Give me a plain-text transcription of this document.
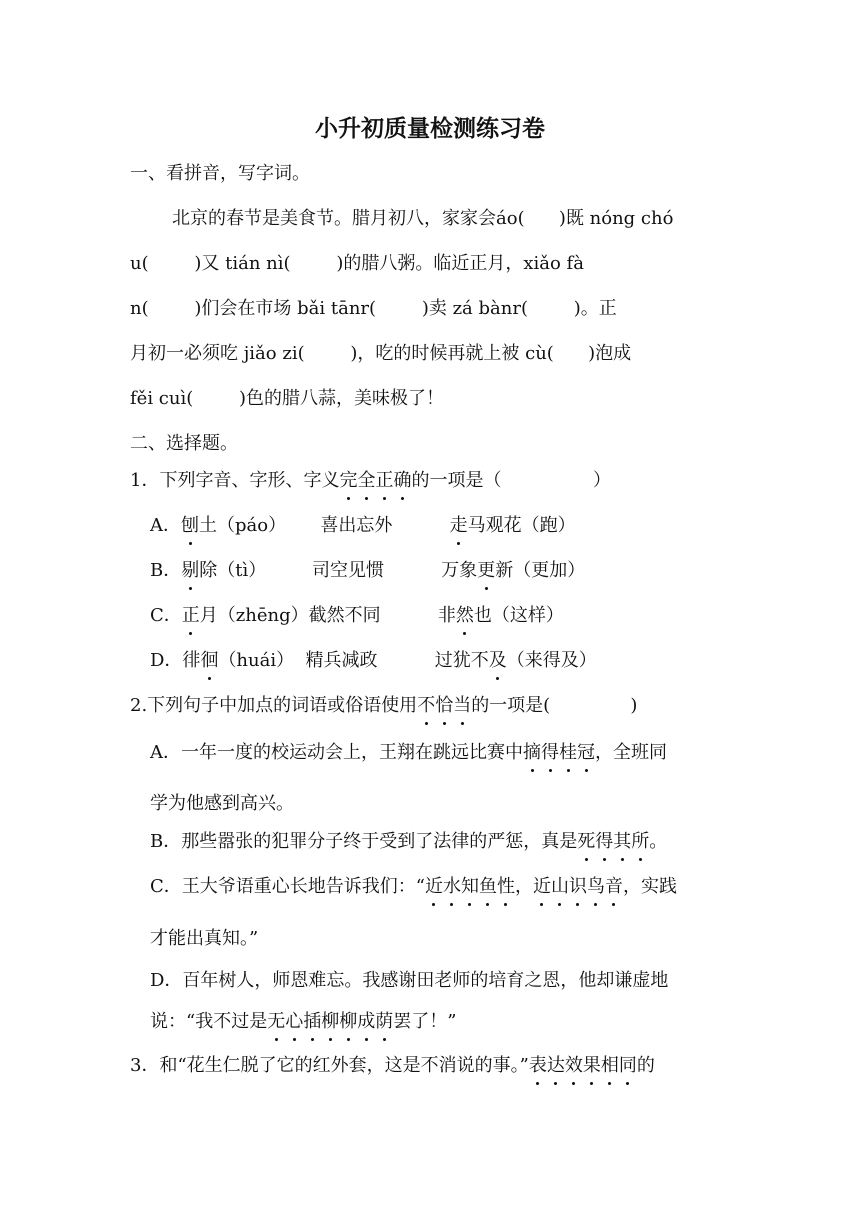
小升初质量检测练习卷
一、看拼音，写字词。
北京的春节是美食节。腊月初八，家家会áo(      )既 nóng chó
u(        )又 tián nì(        )的腊八粥。临近正月，xiǎo fà
n(        )们会在市场 bǎi tānr(        )卖 zá bànr(        )。正
月初一必须吃 jiǎo zi(        )，吃的时候再就上被 cù(      )泡成
fěi cuì(        )色的腊八蒜，美味极了！
二、选择题。
1．下列字音、字形、字义完全正确的一项是（                ）
A．刨土（páo）      喜出忘外          走马观花（跑）
B．剔除（tì）        司空见惯          万象更新（更加）
C．正月（zhēng）截然不同          非然也（这样）
D．徘徊（huái）  精兵减政          过犹不及（来得及）
2.下列句子中加点的词语或俗语使用不恰当的一项是(              )
A．一年一度的校运动会上，王翔在跳远比赛中摘得桂冠，全班同
学为他感到高兴。
B．那些嚣张的犯罪分子终于受到了法律的严惩，真是死得其所。
C．王大爷语重心长地告诉我们：“近水知鱼性，近山识鸟音，实践
才能出真知。”
D．百年树人，师恩难忘。我感谢田老师的培育之恩，他却谦虚地
说：“我不过是无心插柳柳成荫罢了！”
3．和“花生仁脱了它的红外套，这是不消说的事。”表达效果相同的
